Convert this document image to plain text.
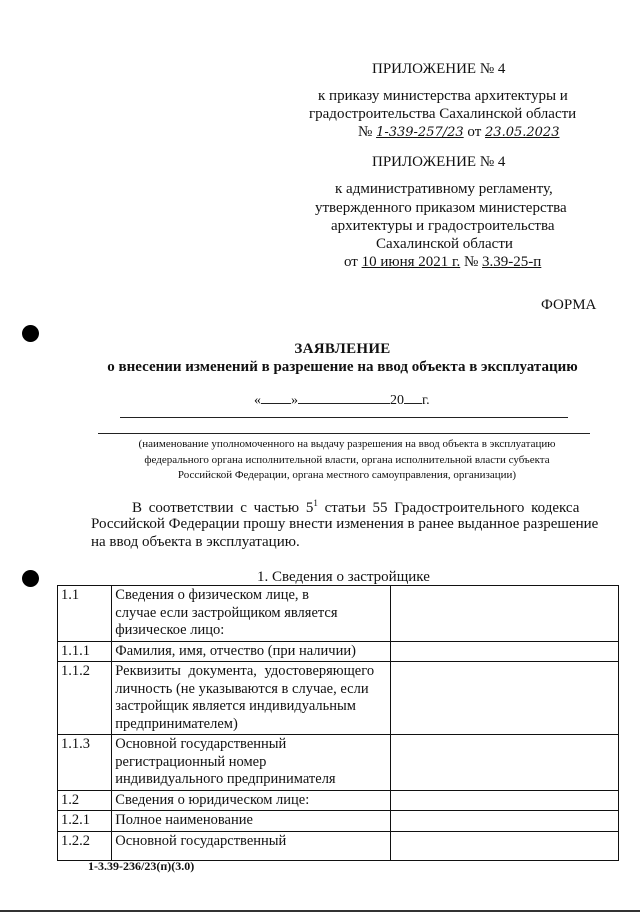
ПРИЛОЖЕНИЕ № 4
к приказу министерства архитектуры и
градостроительства Сахалинской области
№ 1-339-257/23 от 23.05.2023
ПРИЛОЖЕНИЕ № 4
к административному регламенту,
утвержденного приказом министерства
архитектуры и градостроительства
Сахалинской области
от 10 июня 2021 г. № 3.39-25-п
ФОРМА
ЗАЯВЛЕНИЕ
о внесении изменений в разрешение на ввод объекта в эксплуатацию
« »	20 г.
(наименование уполномоченного на выдачу разрешения на ввод объекта в эксплуатацию
федерального органа исполнительной власти, органа исполнительной власти субъекта
Российской Федерации, органа местного самоуправления, организации)
В соответствии с частью $5^1$ статьи 55 Градостроительного кодекса
Российской Федерации прошу внести изменения в ранее выданное разрешение
на ввод объекта в эксплуатацию.
1. Сведения о застройщике
1.1	Сведения о физическом лице, в
случае если застройщиком является
физическое лицо:	

1.1.1	Фамилия, имя, отчество (при наличии)	

1.1.2	Реквизиты документа, удостоверяющего
личность (не указываются в случае, если
застройщик является индивидуальным
предпринимателем)	

1.1.3	Основной государственный
регистрационный номер
индивидуального предпринимателя	

1.2	Сведения о юридическом лице:	

1.2.1	Полное наименование	

1.2.2	Основной государственный	

1-3.39-236/23(п)(3.0)
